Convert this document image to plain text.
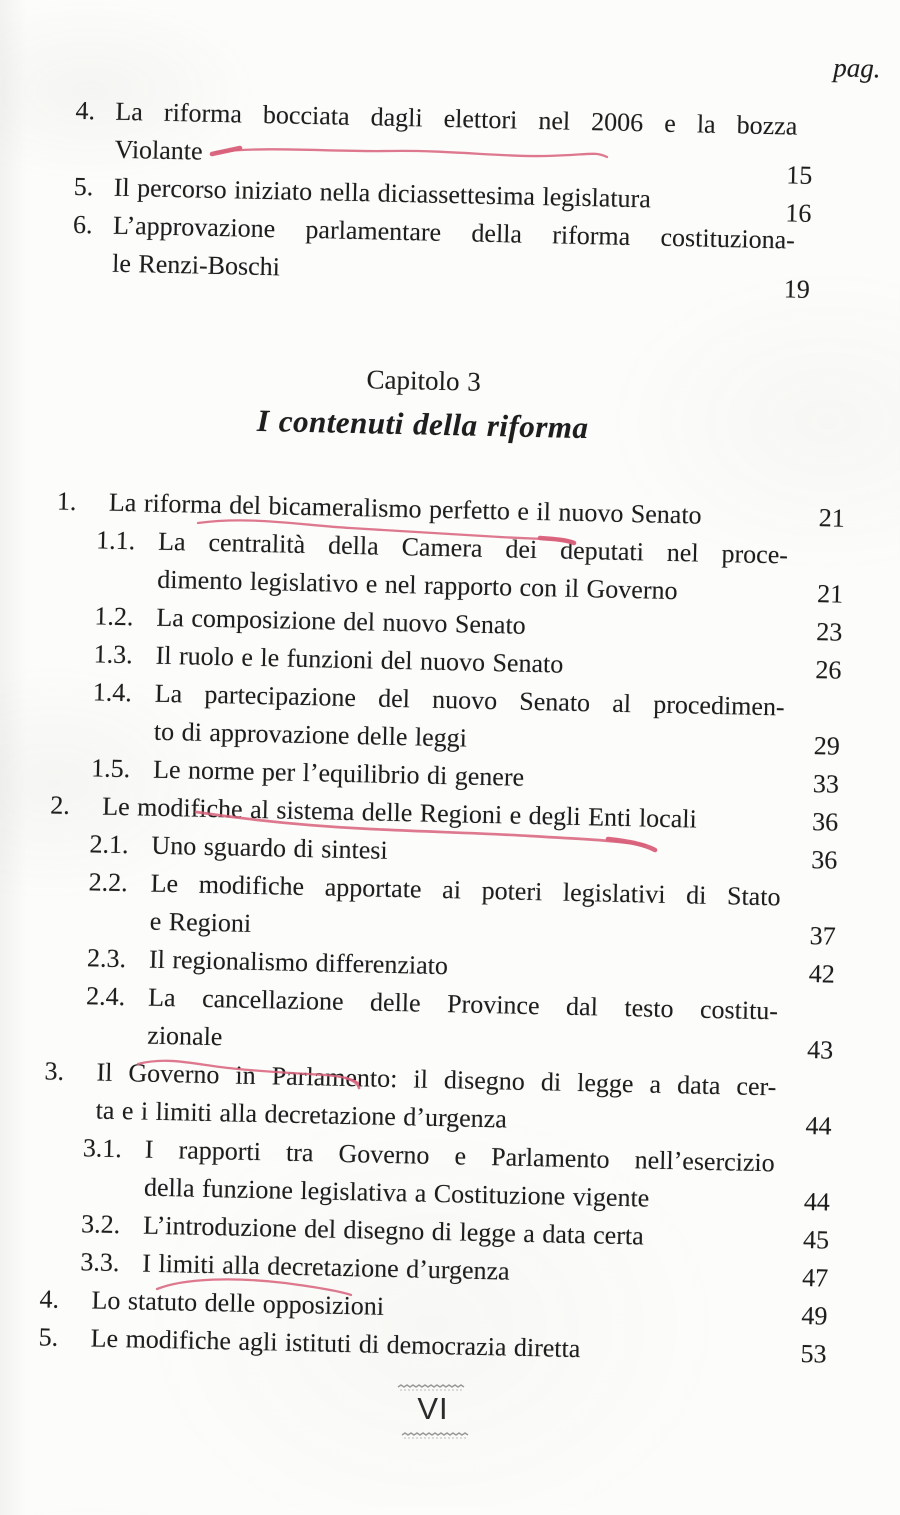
pag.
4. La riforma bocciata dagli elettori nel 2006 e la bozza
Violante
15
5. Il percorso iniziato nella diciassettesima legislatura	16
6. L’approvazione parlamentare della riforma costituziona-
le Renzi-Boschi
19
Capitolo 3
I contenuti della riforma
1.	La riforma del bicameralismo perfetto e il nuovo Senato	21
1.1. La centralità della Camera dei deputati nel proce-
dimento legislativo e nel rapporto con il Governo	21
1.2. La composizione del nuovo Senato	23
1.3. Il ruolo e le funzioni del nuovo Senato	26
1.4. La partecipazione del nuovo Senato al procedimen-
to di approvazione delle leggi	29
1.5. Le norme per l’equilibrio di genere	33
2.	Le modifiche al sistema delle Regioni e degli Enti locali	36
2.1. Uno sguardo di sintesi	36
2.2. Le modifiche apportate ai poteri legislativi di Stato
e Regioni	37
2.3. Il regionalismo differenziato	42
2.4. La cancellazione delle Province dal testo costitu-
zionale	43
3.	Il Governo in Parlamento: il disegno di legge a data cer-
ta e i limiti alla decretazione d’urgenza	44
3.1. I rapporti tra Governo e Parlamento nell’esercizio
della funzione legislativa a Costituzione vigente	44
3.2. L’introduzione del disegno di legge a data certa	45
3.3. I limiti alla decretazione d’urgenza	47
4.	Lo statuto delle opposizioni	49
5.	Le modifiche agli istituti di democrazia diretta	53
VI
